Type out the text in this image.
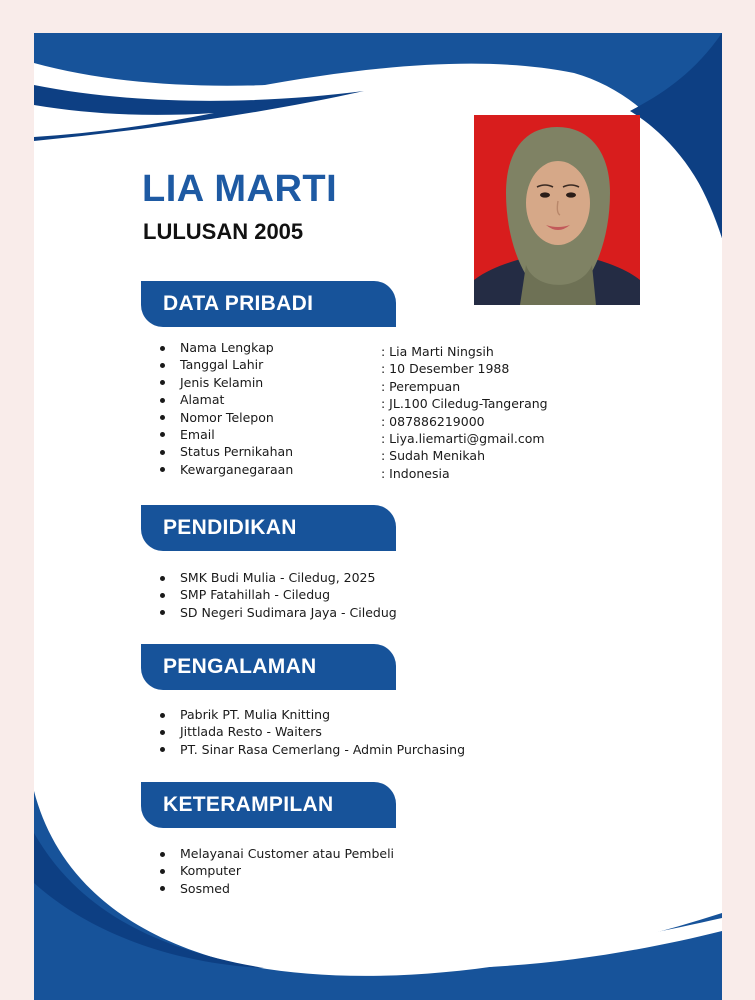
LIA MARTI
LULUSAN 2005
DATA PRIBADI
Nama Lengkap
Tanggal Lahir
Jenis Kelamin
Alamat
Nomor Telepon
Email
Status Pernikahan
Kewarganegaraan
: Lia Marti Ningsih
: 10 Desember 1988
: Perempuan
: JL.100 Ciledug-Tangerang
: 087886219000
: Liya.liemarti@gmail.com
: Sudah Menikah
: Indonesia
PENDIDIKAN
SMK Budi Mulia - Ciledug, 2025
SMP Fatahillah - Ciledug
SD Negeri Sudimara Jaya - Ciledug
PENGALAMAN
Pabrik PT. Mulia Knitting
Jittlada Resto - Waiters
PT. Sinar Rasa Cemerlang - Admin Purchasing
KETERAMPILAN
Melayanai Customer atau Pembeli
Komputer
Sosmed
